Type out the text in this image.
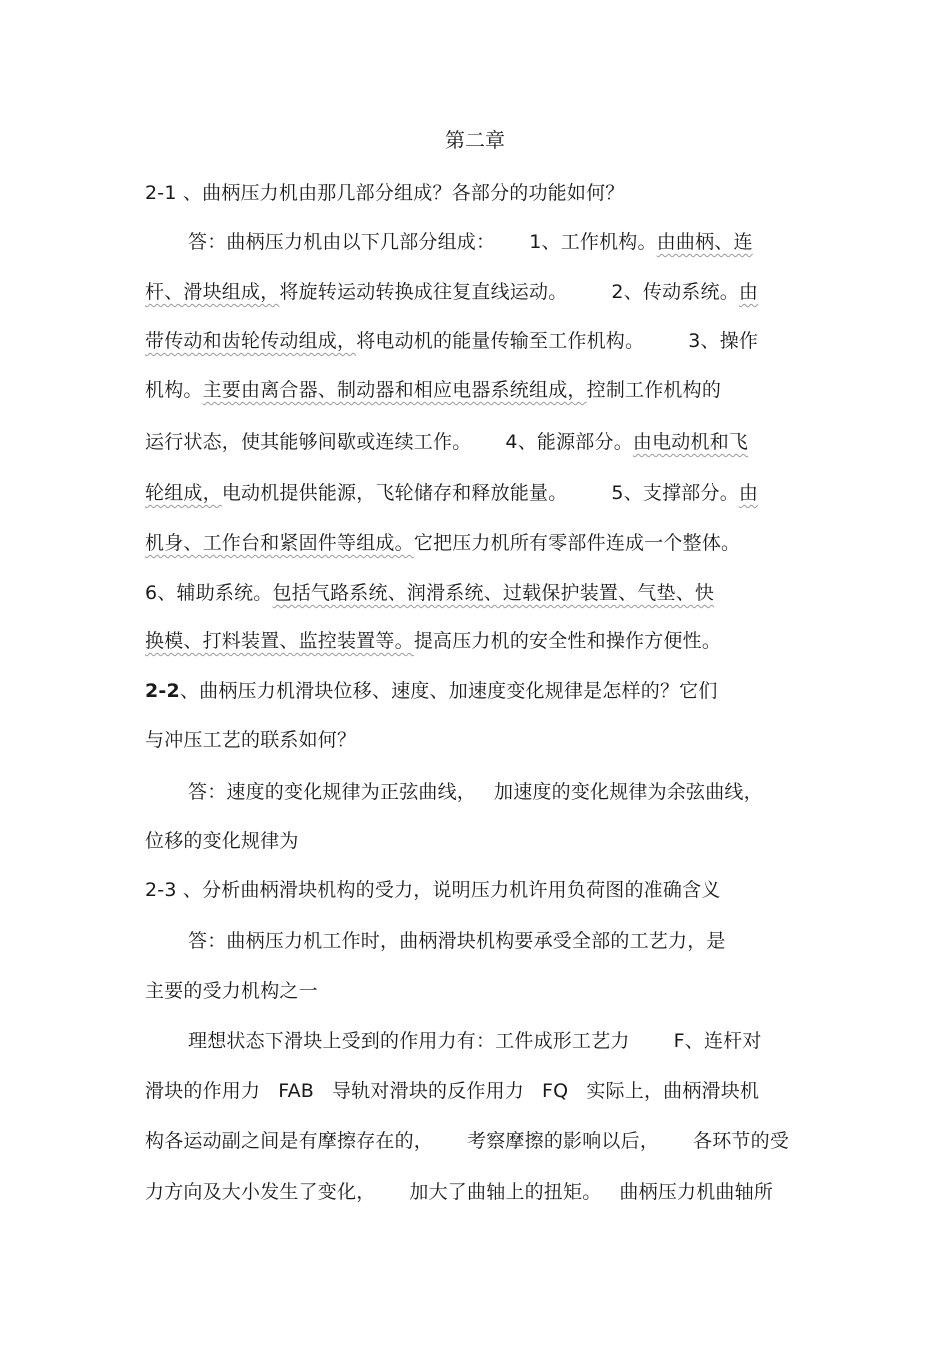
第二章
2-1 、曲柄压力机由那几部分组成？各部分的功能如何？
答：曲柄压力机由以下几部分组成： 1、工作机构。由曲柄、连
杆、滑块组成，将旋转运动转换成往复直线运动。 2、传动系统。由
带传动和齿轮传动组成，将电动机的能量传输至工作机构。 3、操作
机构。主要由离合器、制动器和相应电器系统组成，控制工作机构的
运行状态，使其能够间歇或连续工作。 4、能源部分。由电动机和飞
轮组成，电动机提供能源，飞轮储存和释放能量。 5、支撑部分。由
机身、工作台和紧固件等组成。它把压力机所有零部件连成一个整体。
6、辅助系统。包括气路系统、润滑系统、过载保护装置、气垫、快
换模、打料装置、监控装置等。提高压力机的安全性和操作方便性。
2-2、曲柄压力机滑块位移、速度、加速度变化规律是怎样的？它们
与冲压工艺的联系如何？
答：速度的变化规律为正弦曲线， 加速度的变化规律为余弦曲线，
位移的变化规律为
2-3 、分析曲柄滑块机构的受力，说明压力机许用负荷图的准确含义
答：曲柄压力机工作时，曲柄滑块机构要承受全部的工艺力，是
主要的受力机构之一
理想状态下滑块上受到的作用力有：工件成形工艺力 F、连杆对
滑块的作用力 FAB 导轨对滑块的反作用力 FQ 实际上，曲柄滑块机
构各运动副之间是有摩擦存在的， 考察摩擦的影响以后， 各环节的受
力方向及大小发生了变化， 加大了曲轴上的扭矩。 曲柄压力机曲轴所
